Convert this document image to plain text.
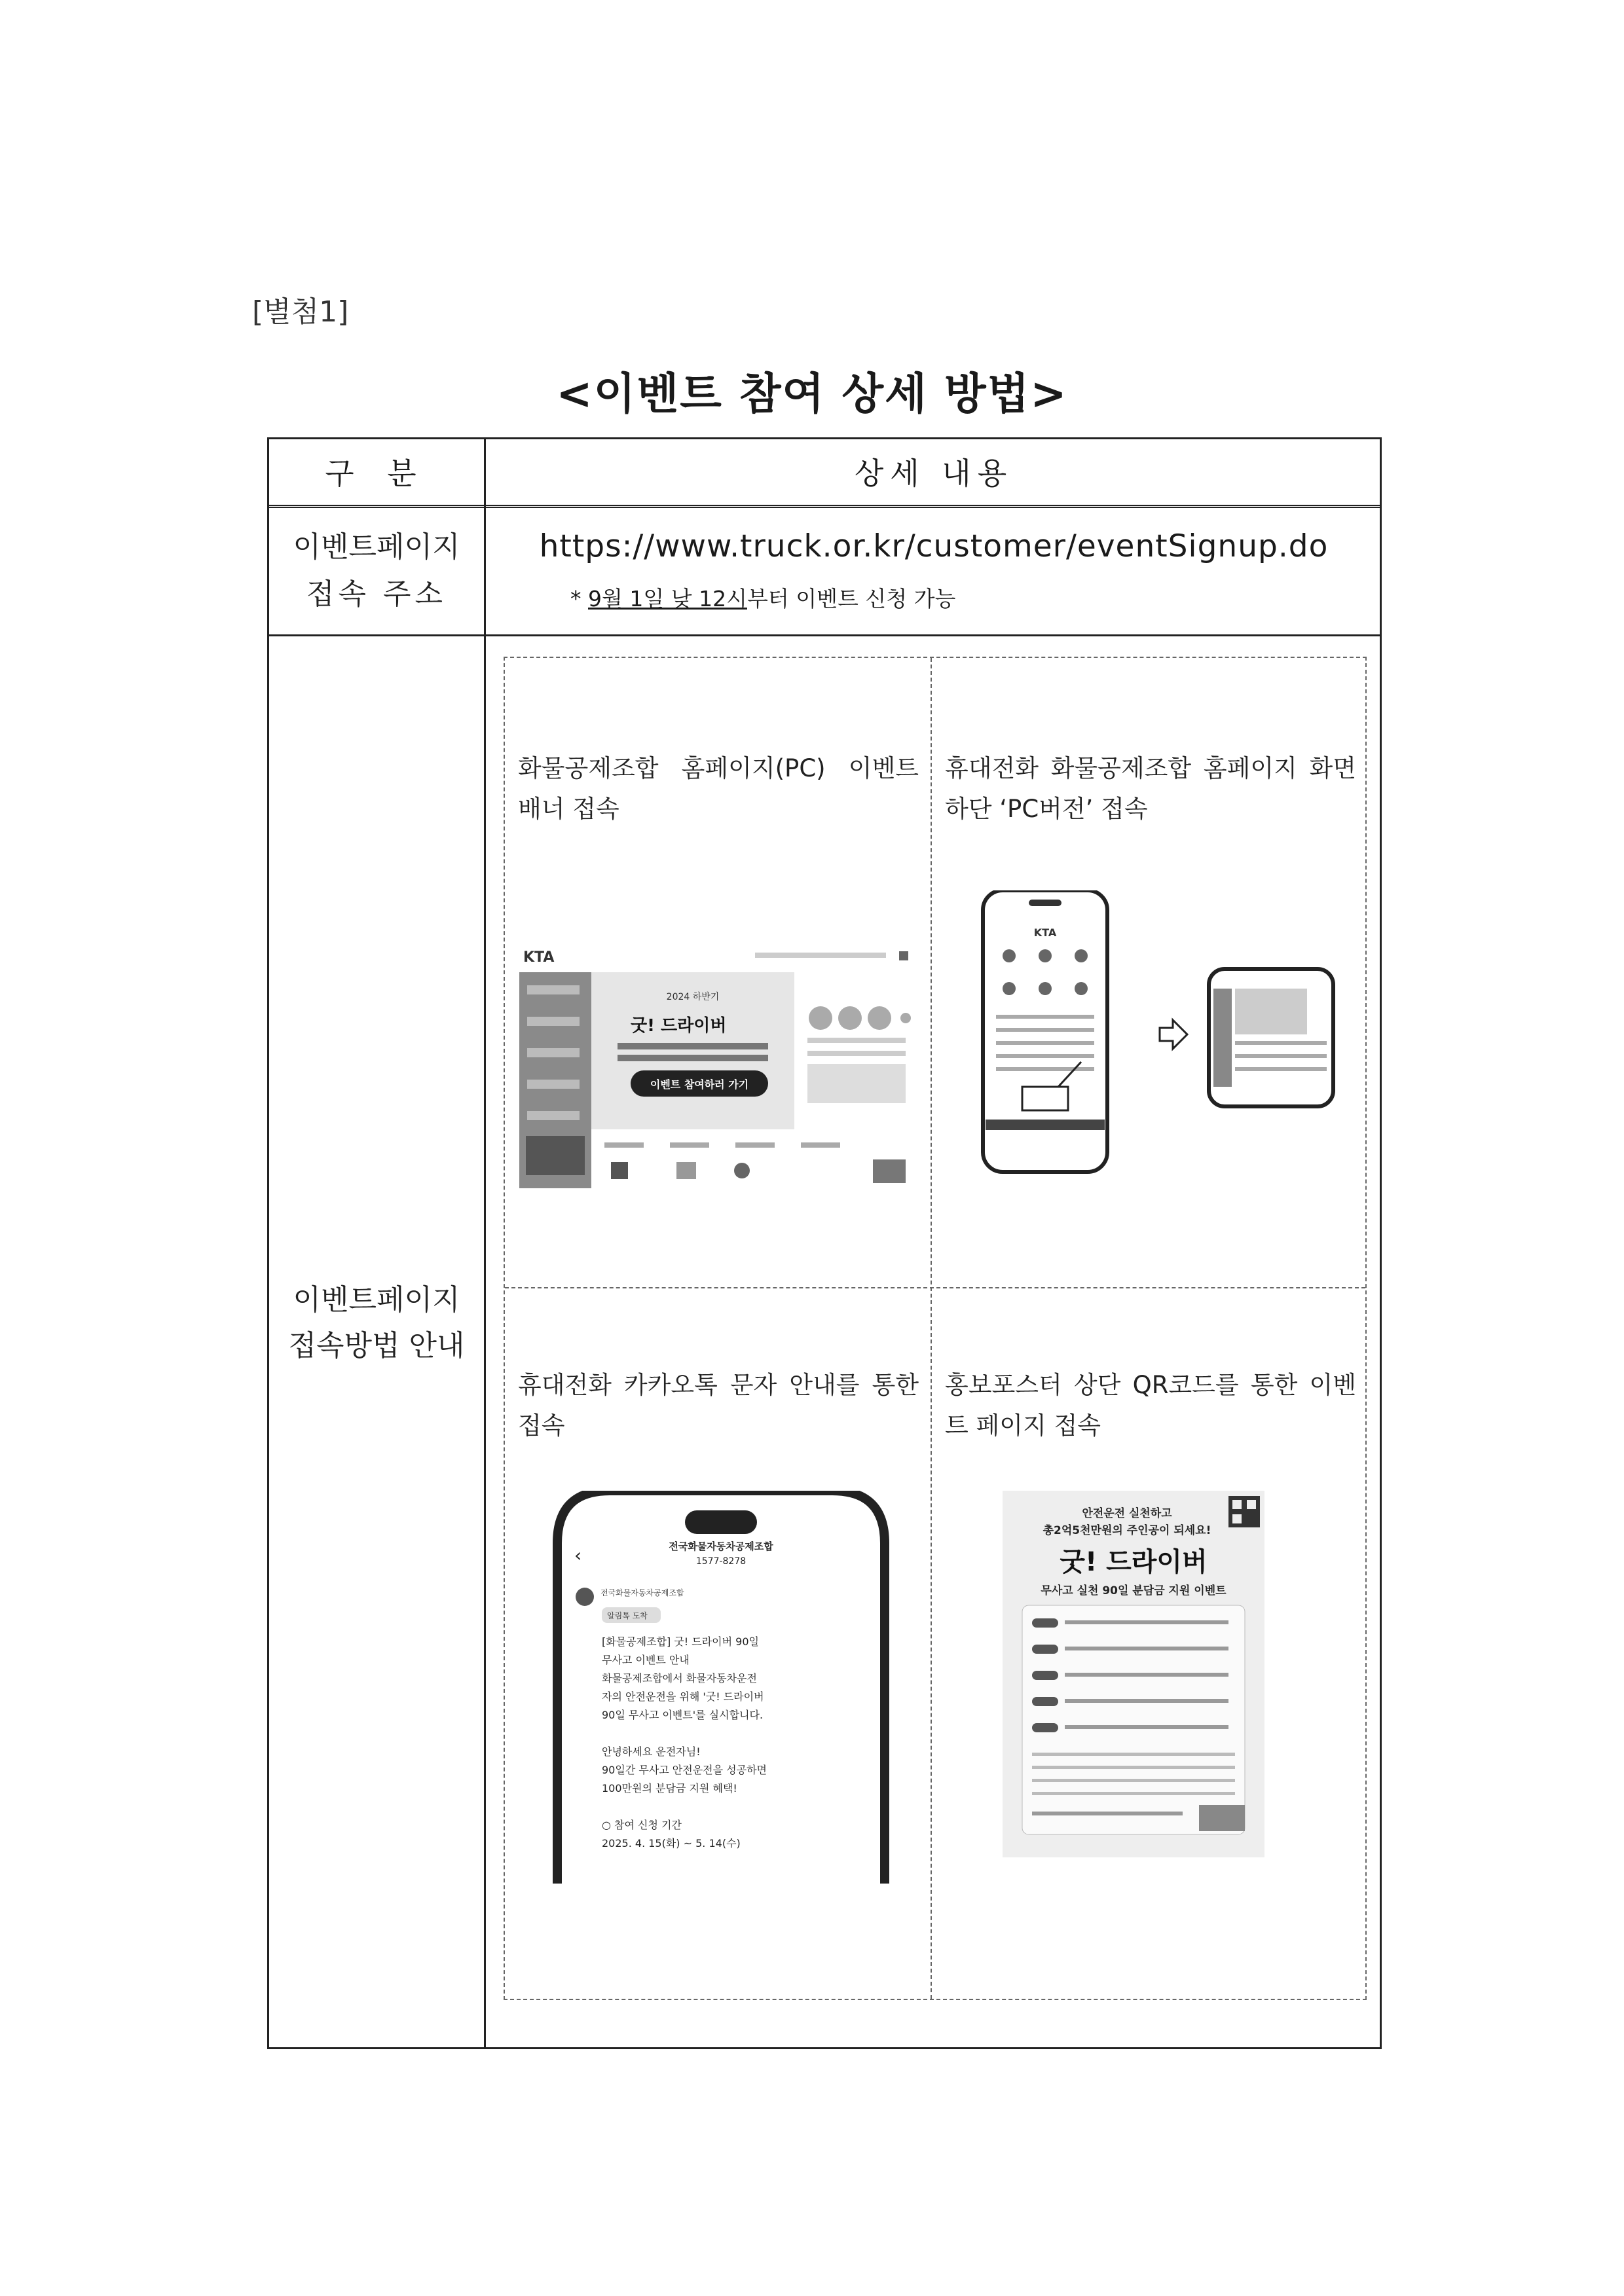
[별첨1]
<이벤트 참여 상세 방법>
구 분	상세 내용
이벤트페이지
접속 주소
https://www.truck.or.kr/customer/eventSignup.do
* 9월 1일 낮 12시부터 이벤트 신청 가능
이벤트페이지
접속방법 안내
화물공제조합 홈페이지(PC) 이벤트 배너 접속
KTA
2024 하반기
굿! 드라이버
이벤트 참여하러 가기
휴대전화 화물공제조합 홈페이지 화면 하단 ‘PC버전’ 접속
KTA
휴대전화 카카오톡 문자 안내를 통한 접속
전국화물자동차공제조합
1577-8278
‹
전국화물자동차공제조합
알림톡 도착
[화물공제조합] 굿! 드라이버 90일
무사고 이벤트 안내
화물공제조합에서 화물자동차운전
자의 안전운전을 위해 '굿! 드라이버
90일 무사고 이벤트'를 실시합니다.
안녕하세요 운전자님!
90일간 무사고 안전운전을 성공하면
100만원의 분담금 지원 혜택!
○ 참여 신청 기간
2025. 4. 15(화) ~ 5. 14(수)
홍보포스터 상단 QR코드를 통한 이벤트 페이지 접속
안전운전 실천하고
총2억5천만원의 주인공이 되세요!
굿! 드라이버
무사고 실천 90일 분담금 지원 이벤트
